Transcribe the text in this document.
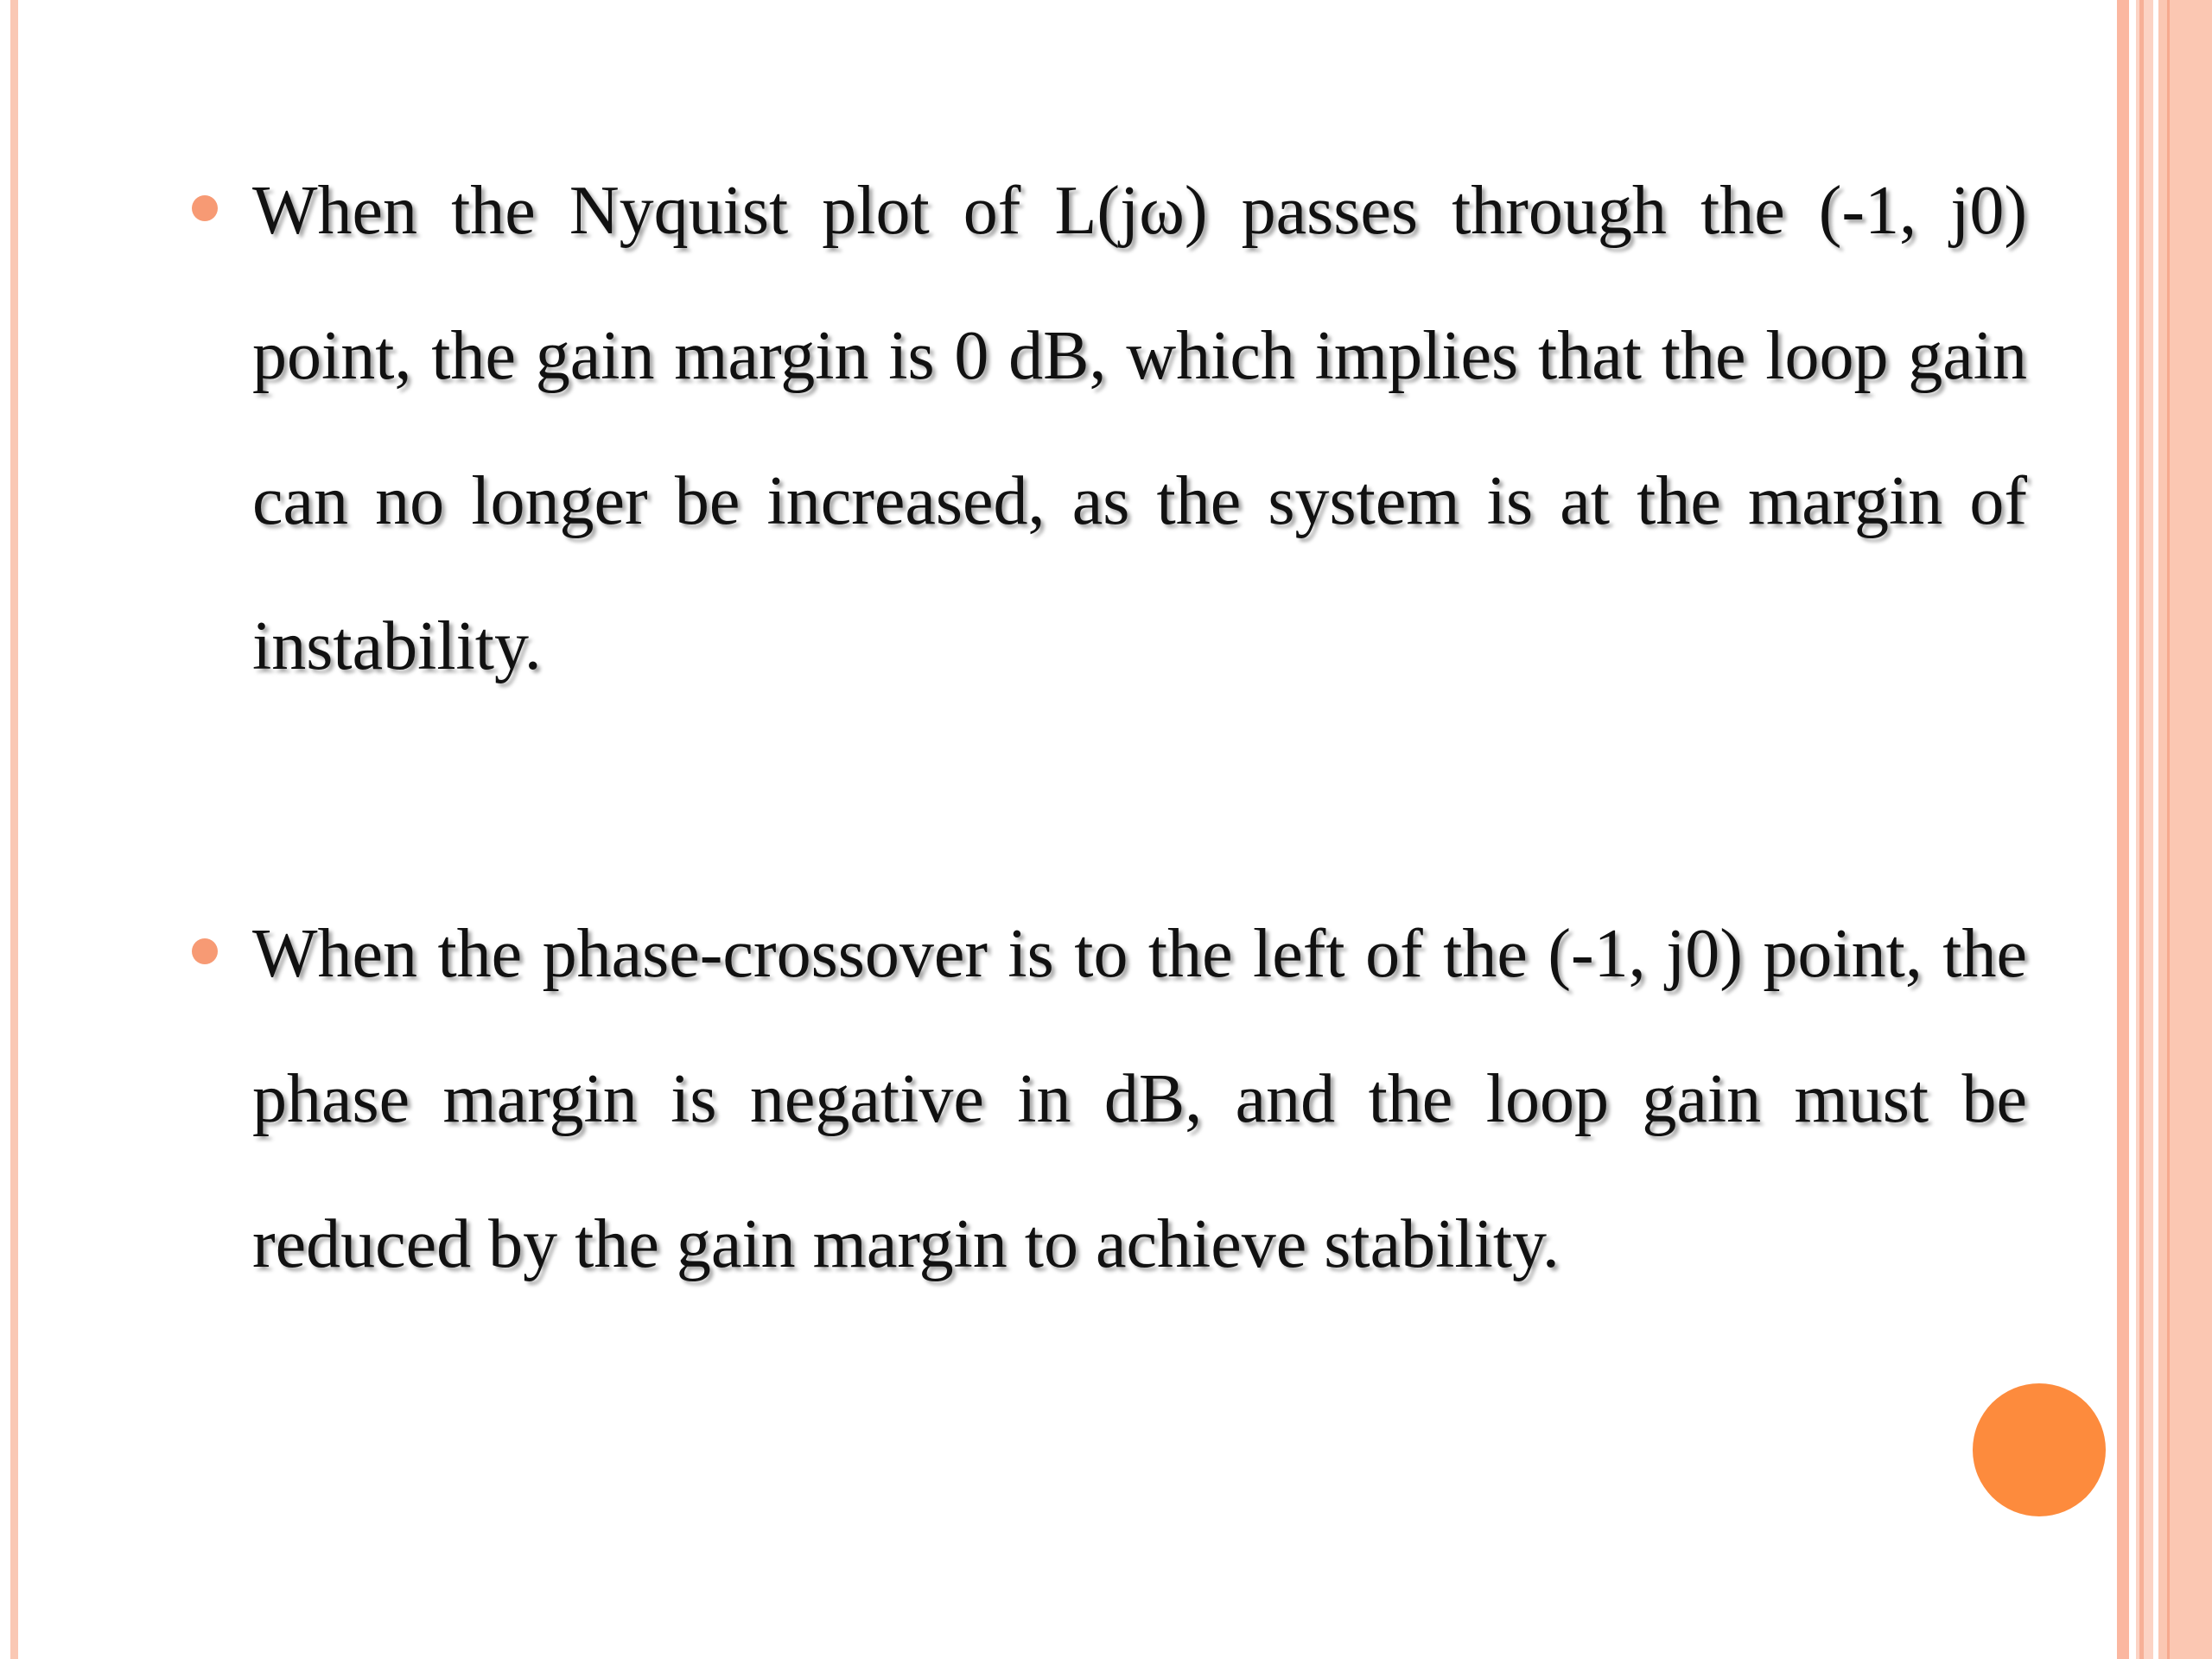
When the Nyquist plot of L(jω) passes through the (-1, j0) point, the gain margin is 0 dB, which implies that the loop gain can no longer be increased, as the system is at the margin of instability.
When the phase-crossover is to the left of the (-1, j0) point, the phase margin is negative in dB, and the loop gain must be reduced by the gain margin to achieve stability.
